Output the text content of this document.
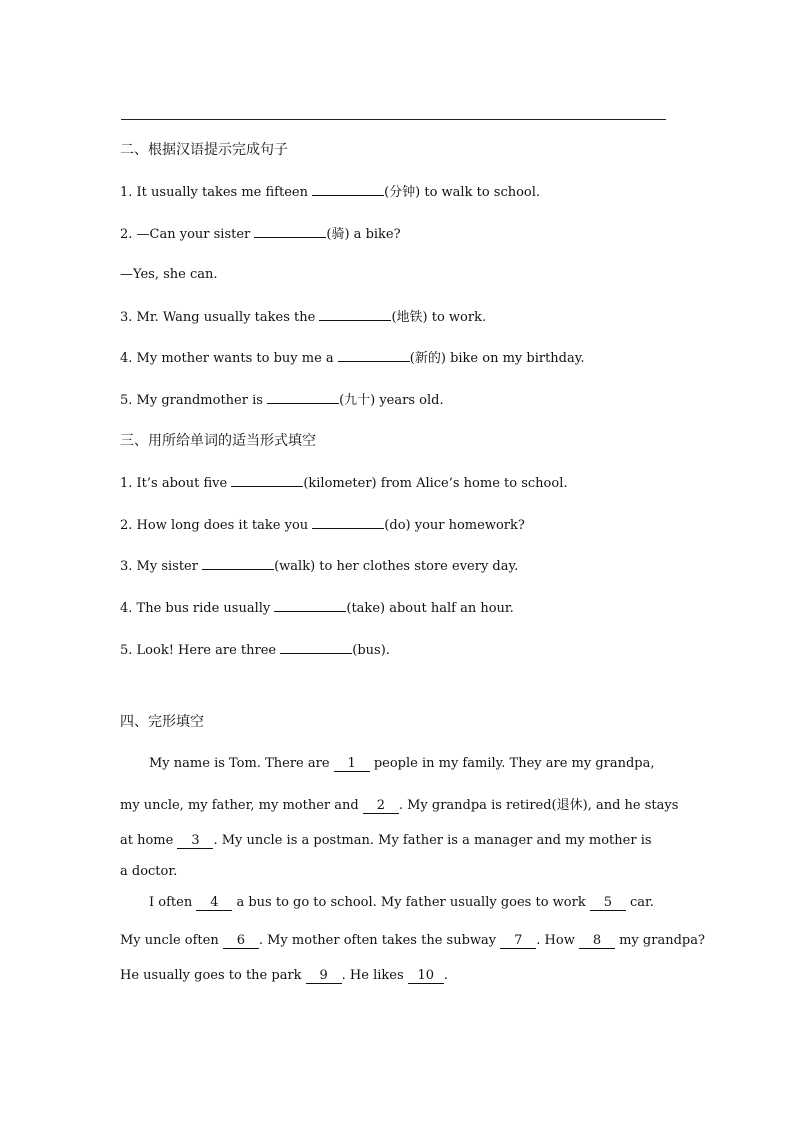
二、根据汉语提示完成句子
1. It usually takes me fifteen	(分钟) to walk to school.
2. —Can your sister	(骑) a bike?
—Yes, she can.
3. Mr. Wang usually takes the	(地铁) to work.
4. My mother wants to buy me a	(新的) bike on my birthday.
5. My grandmother is	(九十) years old.
三、用所给单词的适当形式填空
1. It’s about five	(kilometer) from Alice’s home to school.
2. How long does it take you	(do) your homework?
3. My sister	(walk) to her clothes store every day.
4. The bus ride usually	(take) about half an hour.
5. Look! Here are three	(bus).
四、完形填空
My name is Tom. There are 1 people in my family. They are my grandpa,
my uncle, my father, my mother and 2 . My grandpa is retired(退休), and he stays
at home 3 . My uncle is a postman. My father is a manager and my mother is
a doctor.
I often 4 a bus to go to school. My father usually goes to work 5 car.
My uncle often 6 . My mother often takes the subway 7 . How 8 my grandpa?
He usually goes to the park 9 . He likes 10 .
